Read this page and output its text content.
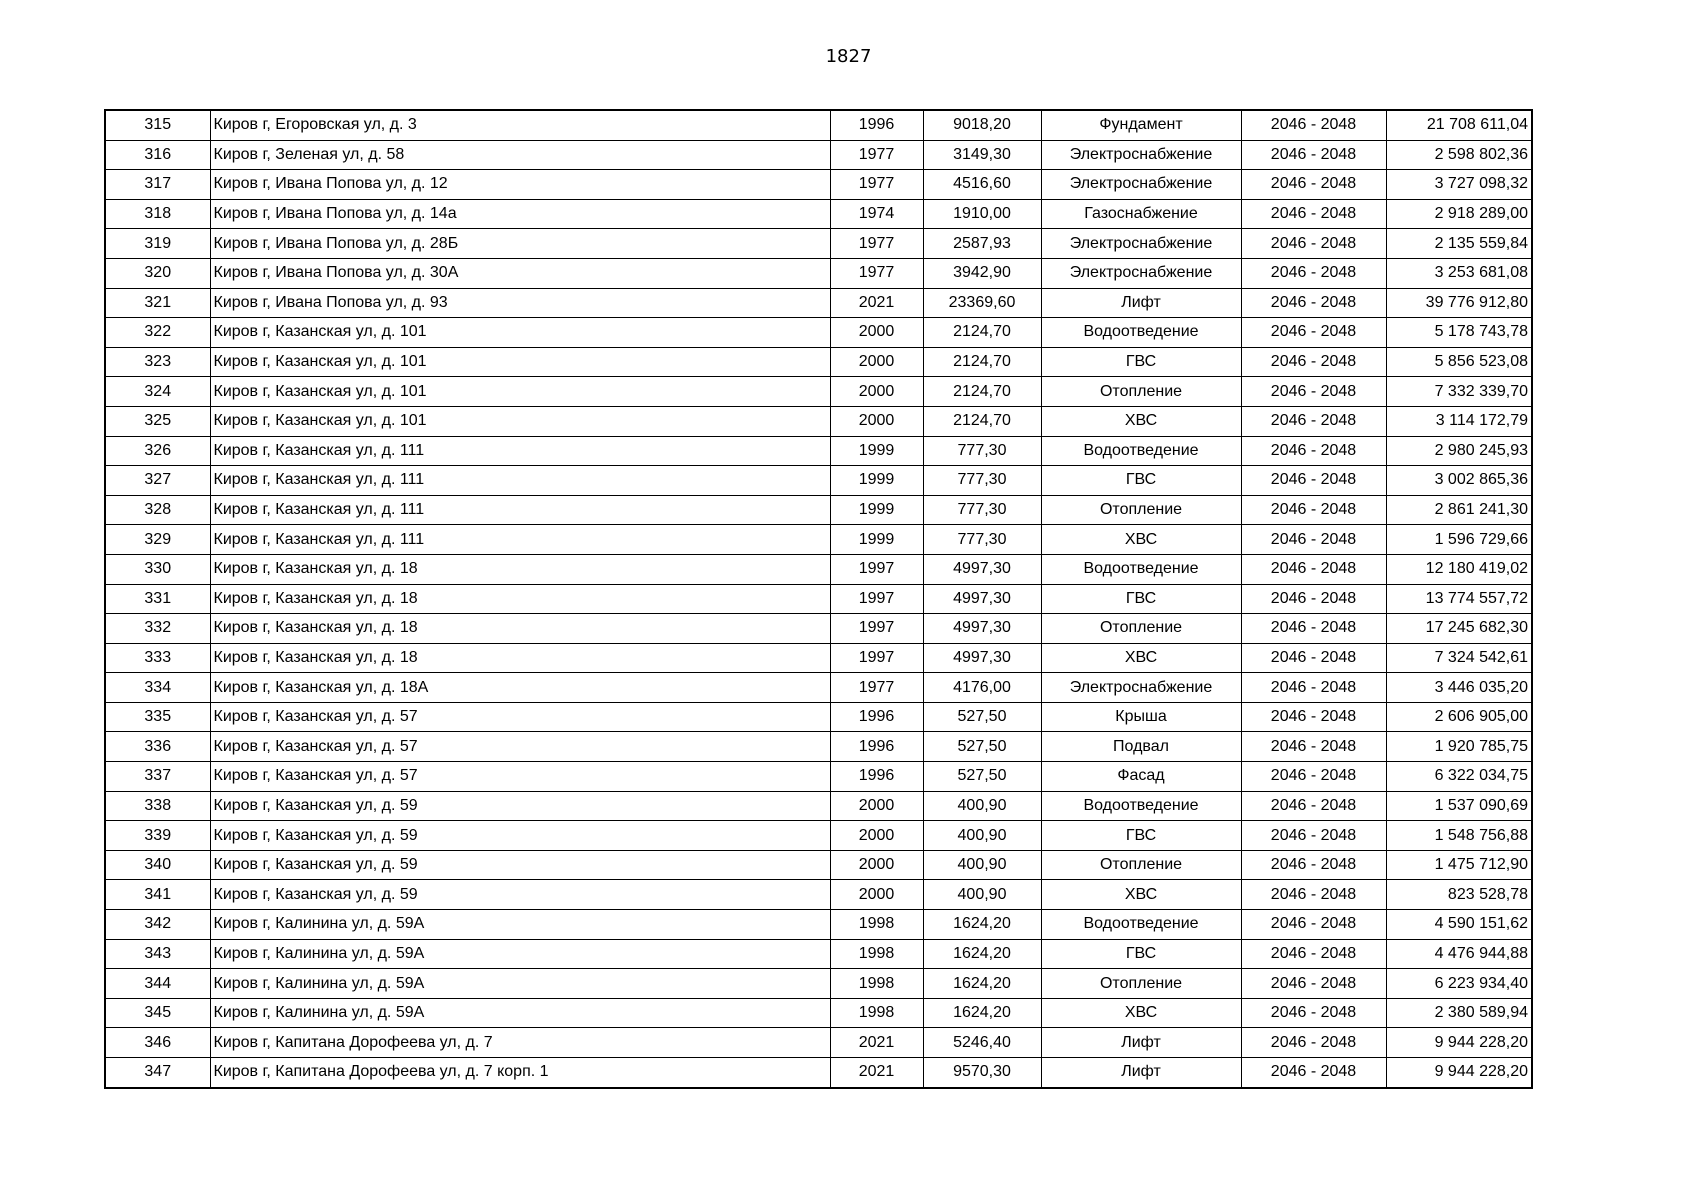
1827
315	Киров г, Егоровская ул, д. 3	1996	9018,20	Фундамент	2046 - 2048	21 708 611,04
316	Киров г, Зеленая ул, д. 58	1977	3149,30	Электроснабжение	2046 - 2048	2 598 802,36
317	Киров г, Ивана Попова ул, д. 12	1977	4516,60	Электроснабжение	2046 - 2048	3 727 098,32
318	Киров г, Ивана Попова ул, д. 14а	1974	1910,00	Газоснабжение	2046 - 2048	2 918 289,00
319	Киров г, Ивана Попова ул, д. 28Б	1977	2587,93	Электроснабжение	2046 - 2048	2 135 559,84
320	Киров г, Ивана Попова ул, д. 30А	1977	3942,90	Электроснабжение	2046 - 2048	3 253 681,08
321	Киров г, Ивана Попова ул, д. 93	2021	23369,60	Лифт	2046 - 2048	39 776 912,80
322	Киров г, Казанская ул, д. 101	2000	2124,70	Водоотведение	2046 - 2048	5 178 743,78
323	Киров г, Казанская ул, д. 101	2000	2124,70	ГВС	2046 - 2048	5 856 523,08
324	Киров г, Казанская ул, д. 101	2000	2124,70	Отопление	2046 - 2048	7 332 339,70
325	Киров г, Казанская ул, д. 101	2000	2124,70	ХВС	2046 - 2048	3 114 172,79
326	Киров г, Казанская ул, д. 111	1999	777,30	Водоотведение	2046 - 2048	2 980 245,93
327	Киров г, Казанская ул, д. 111	1999	777,30	ГВС	2046 - 2048	3 002 865,36
328	Киров г, Казанская ул, д. 111	1999	777,30	Отопление	2046 - 2048	2 861 241,30
329	Киров г, Казанская ул, д. 111	1999	777,30	ХВС	2046 - 2048	1 596 729,66
330	Киров г, Казанская ул, д. 18	1997	4997,30	Водоотведение	2046 - 2048	12 180 419,02
331	Киров г, Казанская ул, д. 18	1997	4997,30	ГВС	2046 - 2048	13 774 557,72
332	Киров г, Казанская ул, д. 18	1997	4997,30	Отопление	2046 - 2048	17 245 682,30
333	Киров г, Казанская ул, д. 18	1997	4997,30	ХВС	2046 - 2048	7 324 542,61
334	Киров г, Казанская ул, д. 18А	1977	4176,00	Электроснабжение	2046 - 2048	3 446 035,20
335	Киров г, Казанская ул, д. 57	1996	527,50	Крыша	2046 - 2048	2 606 905,00
336	Киров г, Казанская ул, д. 57	1996	527,50	Подвал	2046 - 2048	1 920 785,75
337	Киров г, Казанская ул, д. 57	1996	527,50	Фасад	2046 - 2048	6 322 034,75
338	Киров г, Казанская ул, д. 59	2000	400,90	Водоотведение	2046 - 2048	1 537 090,69
339	Киров г, Казанская ул, д. 59	2000	400,90	ГВС	2046 - 2048	1 548 756,88
340	Киров г, Казанская ул, д. 59	2000	400,90	Отопление	2046 - 2048	1 475 712,90
341	Киров г, Казанская ул, д. 59	2000	400,90	ХВС	2046 - 2048	823 528,78
342	Киров г, Калинина ул, д. 59А	1998	1624,20	Водоотведение	2046 - 2048	4 590 151,62
343	Киров г, Калинина ул, д. 59А	1998	1624,20	ГВС	2046 - 2048	4 476 944,88
344	Киров г, Калинина ул, д. 59А	1998	1624,20	Отопление	2046 - 2048	6 223 934,40
345	Киров г, Калинина ул, д. 59А	1998	1624,20	ХВС	2046 - 2048	2 380 589,94
346	Киров г, Капитана Дорофеева ул, д. 7	2021	5246,40	Лифт	2046 - 2048	9 944 228,20
347	Киров г, Капитана Дорофеева ул, д. 7 корп. 1	2021	9570,30	Лифт	2046 - 2048	9 944 228,20
